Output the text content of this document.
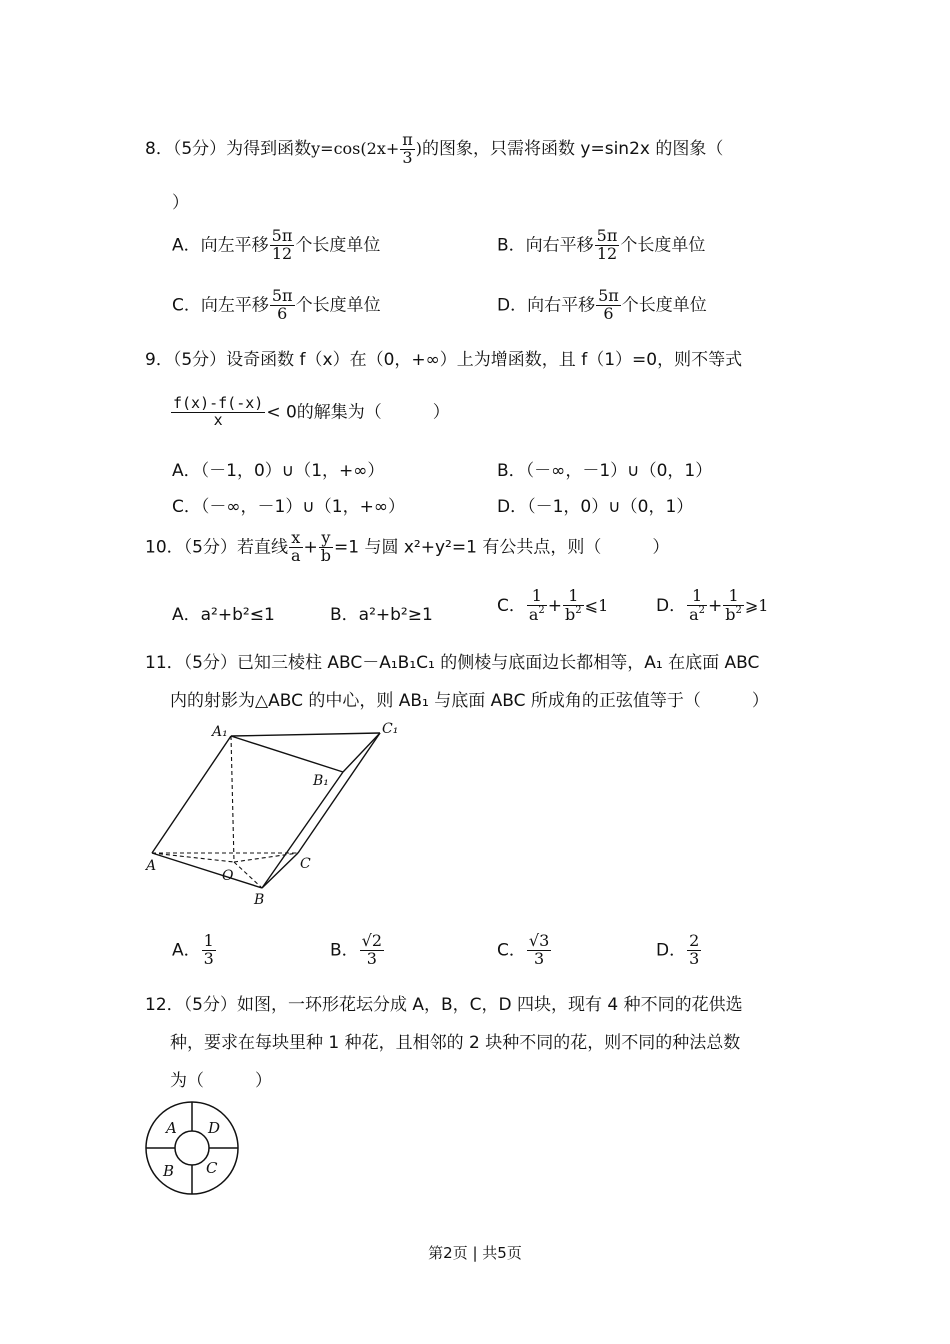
8．（5分）为得到函数$y=\cos(2x+ \frac{\pi}{3}$ )的图象，只需将函数 y=sin2x 的图象（
）
A．向左平移 $\frac{5\pi}{12}$ 个长度单位	B．向右平移 $\frac{5\pi}{12}$ 个长度单位
C．向左平移 $\frac{5\pi}{6}$ 个长度单位	D．向右平移 $\frac{5\pi}{6}$ 个长度单位
9．（5分）设奇函数 f（x）在（0，+∞）上为增函数，且 f（1）=0，则不等式
$\frac{f(x)-f(-x)}{x} < 0$的解集为（　　　）
A．（－1，0）∪（1，+∞）	B．（－∞，－1）∪（0，1）
C．（－∞，－1）∪（1，+∞）	D．（－1，0）∪（0，1）
10．（5分）若直线 $\frac{x}{a} + \frac{y}{b} =1$ 与圆 x²+y²=1 有公共点，则（　　　）
A．a²+b²≤1	B．a²+b²≥1	C． $\frac{1}{a^2} + \frac{1}{b^2}$ ⩽1	D． $\frac{1}{a^2} + \frac{1}{b^2}$ ⩾1
11．（5分）已知三棱柱 ABC－A₁B₁C₁ 的侧棱与底面边长都相等，A₁ 在底面 ABC
内的射影为△ABC 的中心，则 AB₁ 与底面 ABC 所成角的正弦值等于（　　　）
A₁	C₁
B₁
A
O
C
B
A． $\frac{1}{3}$	B． $\frac{√2}{3}$	C． $\frac{√3}{3}$	D． $\frac{2}{3}$
12．（5分）如图，一环形花坛分成 A，B，C，D 四块，现有 4 种不同的花供选
种，要求在每块里种 1 种花，且相邻的 2 块种不同的花，则不同的种法总数
为（　　　）
A D
B C
第2页 | 共5页
